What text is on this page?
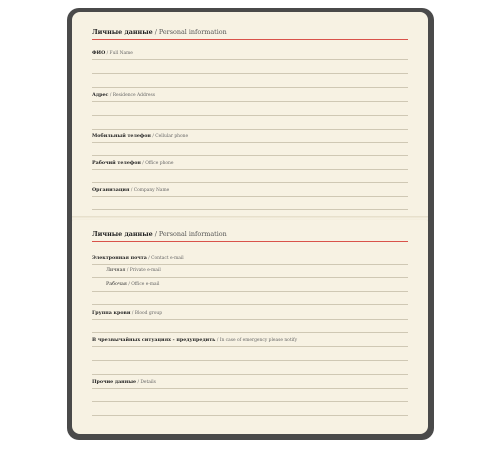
Личные данные / Personal information
ФИО / Full Name
Адрес / Residence Address
Мобильный телефон / Cellular phone
Рабочий телефон / Office phone
Организация / Company Name
Личные данные / Personal information
Электронная почта / Contact e-mail
Личная / Private e-mail
Рабочая / Office e-mail
Группа крови / Blood group
В чрезвычайных ситуациях - предупредить / In case of emergency please notify
Прочие данные / Details
